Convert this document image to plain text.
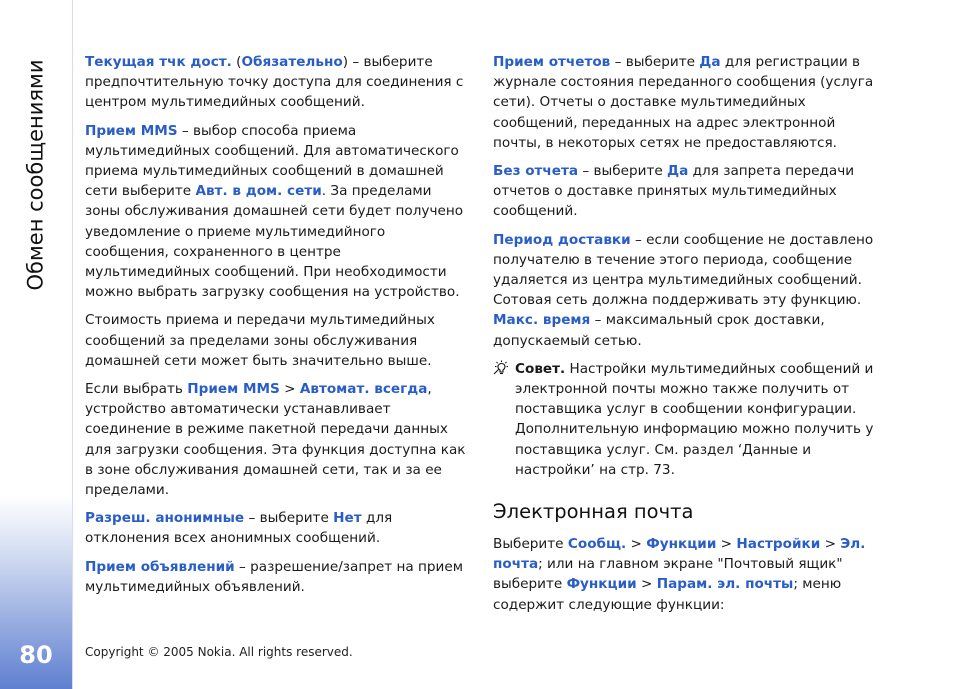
Обмен сообщениями
80

Текущая тчк дост. (Обязательно) – выберите предпочтительную точку доступа для соединения с центром мультимедийных сообщений.

Прием MMS – выбор способа приема мультимедийных сообщений. Для автоматического приема мультимедийных сообщений в домашней сети выберите Авт. в дом. сети. За пределами зоны обслуживания домашней сети будет получено уведомление о приеме мультимедийного сообщения, сохраненного в центре мультимедийных сообщений. При необходимости можно выбрать загрузку сообщения на устройство.

Стоимость приема и передачи мультимедийных сообщений за пределами зоны обслуживания домашней сети может быть значительно выше.

Если выбрать Прием MMS > Автомат. всегда, устройство автоматически устанавливает соединение в режиме пакетной передачи данных для загрузки сообщения. Эта функция доступна как в зоне обслуживания домашней сети, так и за ее пределами.

Разреш. анонимные – выберите Нет для отклонения всех анонимных сообщений.

Прием объявлений – разрешение/запрет на прием мультимедийных объявлений.

Прием отчетов – выберите Да для регистрации в журнале состояния переданного сообщения (услуга сети). Отчеты о доставке мультимедийных сообщений, переданных на адрес электронной почты, в некоторых сетях не предоставляются.

Без отчета – выберите Да для запрета передачи отчетов о доставке принятых мультимедийных сообщений.

Период доставки – если сообщение не доставлено получателю в течение этого периода, сообщение удаляется из центра мультимедийных сообщений. Сотовая сеть должна поддерживать эту функцию.

Макс. время – максимальный срок доставки, допускаемый сетью.

Совет. Настройки мультимедийных сообщений и электронной почты можно также получить от поставщика услуг в сообщении конфигурации. Дополнительную информацию можно получить у поставщика услуг. См. раздел ‘Данные и настройки’ на стр. 73.

Электронная почта

Выберите Сообщ. > Функции > Настройки > Эл. почта; или на главном экране "Почтовый ящик" выберите Функции > Парам. эл. почты; меню содержит следующие функции:

Copyright © 2005 Nokia. All rights reserved.
